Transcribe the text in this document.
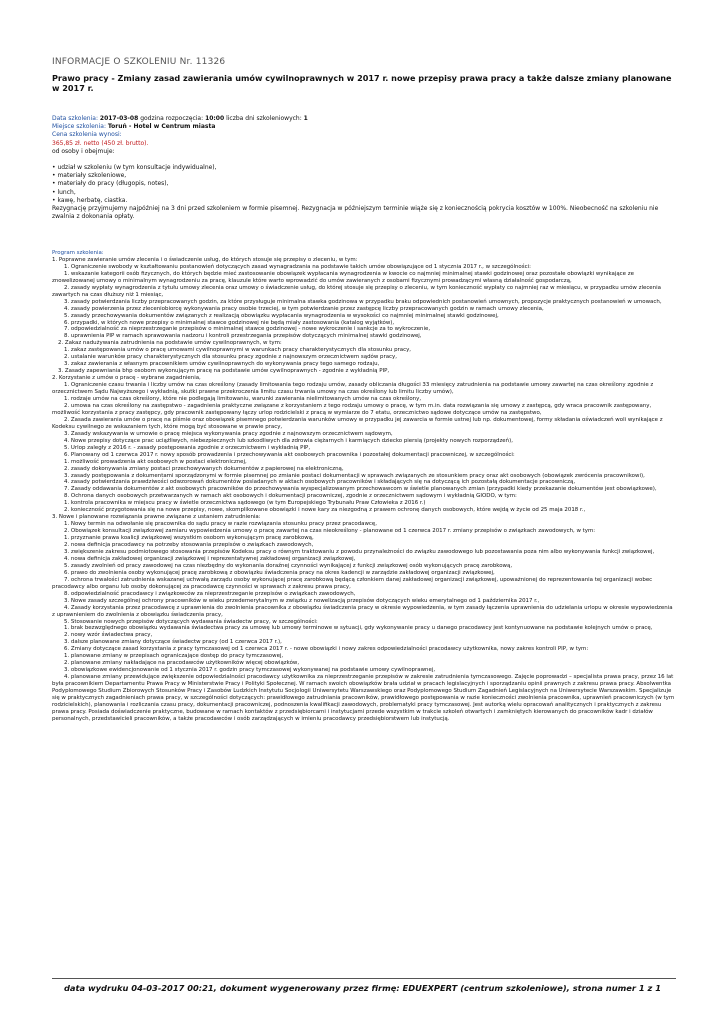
INFORMACJE O SZKOLENIU Nr. 11326
Prawo pracy - Zmiany zasad zawierania umów cywilnoprawnych w 2017 r. nowe przepisy prawa pracy a także dalsze zmiany planowane w 2017 r.
Data szkolenia: 2017-03-08 godzina rozpoczęcia: 10:00 liczba dni szkoleniowych: 1
Miejsce szkolenia: Toruń - Hotel w Centrum miasta
Cena szkolenia wynosi:
365,85 zł. netto (450 zł. brutto).
od osoby i obejmuje:
• udział w szkoleniu (w tym konsultacje indywidualne),
• materiały szkoleniowe,
• materiały do pracy (długopis, notes),
• lunch,
• kawę, herbatę, ciastka.
Rezygnację przyjmujemy najpóźniej na 3 dni przed szkoleniem w formie pisemnej. Rezygnacja w późniejszym terminie wiąże się z koniecznością pokrycia kosztów w 100%. Nieobecność na szkoleniu nie zwalnia z dokonania opłaty.

Program szkolenia:

1. Poprawne zawieranie umów zlecenia i o świadczenie usług, do których stosuje się przepisy o zleceniu, w tym:

1. Ograniczenie swobody w kształtowaniu postanowień dotyczących zasad wynagradzania na podstawie takich umów obowiązujące od 1 stycznia 2017 r., w szczególności:

1. wskazanie kategorii osób fizycznych, do których będzie mieć zastosowanie obowiązek wypłacania wynagrodzenia w kwocie co najmniej minimalnej stawki godzinowej oraz pozostałe obowiązki wynikające ze znowelizowanej umowy o minimalnym wynagrodzeniu za pracę, klauzule które warto wprowadzić do umów zawieranych z osobami fizycznymi prowadzącymi własną działalność gospodarczą,

2. zasady wypłaty wynagrodzenia z tytułu umowy zlecenia oraz umowy o świadczenie usług, do której stosuje się przepisy o zleceniu, w tym konieczność wypłaty co najmniej raz w miesiącu, w przypadku umów zlecenia zawartych na czas dłuższy niż 1 miesiąc,

3. zasady potwierdzania liczby przepracowanych godzin, za które przysługuje minimalna stawka godzinowa w przypadku braku odpowiednich postanowień umownych, propozycje praktycznych postanowień w umowach,

4. zasady powierzenia przez zleceniobiorcę wykonywania pracy osobie trzeciej, w tym potwierdzanie przez zastępcę liczby przepracowanych godzin w ramach umowy zlecenia,

5. zasady przechowywania dokumentów związanych z realizacją obowiązku wypłacania wynagrodzenia w wysokości co najmniej minimalnej stawki godzinowej,

6. przypadki, w których nowe przepisy o minimalnej stawce godzinowej nie będą miały zastosowania (katalog wyjątków),

7. odpowiedzialność za nieprzestrzeganie przepisów o minimalnej stawce godzinowej - nowe wykroczenie i sankcje za to wykroczenie,

8. uprawnienia PIP w ramach sprawowania nadzoru i kontroli przestrzegania przepisów dotyczących minimalnej stawki godzinowej,

2. Zakaz nadużywania zatrudnienia na podstawie umów cywilnoprawnych, w tym:

1. zakaz zastępowania umów o pracę umowami cywilnoprawnymi w warunkach pracy charakterystycznych dla stosunku pracy,

2. ustalanie warunków pracy charakterystycznych dla stosunku pracy zgodnie z najnowszym orzecznictwem sądów pracy,

3. zakaz zawierania z własnym pracownikiem umów cywilnoprawnych do wykonywania pracy tego samego rodzaju,

3. Zasady zapewniania bhp osobom wykonującym pracę na podstawie umów cywilnoprawnych - zgodnie z wykładnią PIP,

2. Korzystanie z umów o pracę - wybrane zagadnienia,

1. Ograniczenie czasu trwania i liczby umów na czas określony (zasady limitowania tego rodzaju umów, zasady obliczania długości 33 miesięcy zatrudnienia na podstawie umowy zawartej na czas określony zgodnie z orzecznictwem Sądu Najwyższego i wykładnią, skutki prawne przekroczenia limitu czasu trwania umowy na czas określony lub limitu liczby umów),

1. rodzaje umów na czas określony, które nie podlegają limitowaniu, warunki zawierania nielimitowanych umów na czas określony,

2. umowa na czas określony na zastępstwo - zagadnienia praktyczne związane z korzystaniem z tego rodzaju umowy o pracę, w tym m.in. data rozwiązania się umowy z zastępcą, gdy wraca pracownik zastępowany, możliwość korzystania z pracy zastępcy, gdy pracownik zastępowany łączy urlop rodzicielski z pracą w wymiarze do 7 etatu, orzecznictwo sądowe dotyczące umów na zastępstwo,

2. Zasada zawierania umów o pracę na piśmie oraz obowiązek pisemnego potwierdzania warunków umowy w przypadku jej zawarcia w formie ustnej lub np. dokumentowej, formy składania oświadczeń woli wynikające z Kodeksu cywilnego ze wskazaniem tych, które mogą być stosowane w prawie pracy,

3. Zasady wskazywania w umowie o pracę miejsca wykonywania pracy zgodnie z najnowszym orzecznictwem sądowym,

4. Nowe przepisy dotyczące prac uciążliwych, niebezpiecznych lub szkodliwych dla zdrowia ciężarnych i karmiących dziecko piersią (projekty nowych rozporządzeń),

5. Urlop zaległy z 2016 r. - zasady postępowania zgodnie z orzecznictwem i wykładnią PIP,

6. Planowany od 1 czerwca 2017 r. nowy sposób prowadzenia i przechowywania akt osobowych pracownika i pozostałej dokumentacji pracowniczej, w szczególności:

1. możliwość prowadzenia akt osobowych w postaci elektronicznej,

2. zasady dokonywania zmiany postaci przechowywanych dokumentów z papierowej na elektroniczną,

3. zasady postępowania z dokumentami sporządzonymi w formie pisemnej po zmianie postaci dokumentacji w sprawach związanych ze stosunkiem pracy oraz akt osobowych (obowiązek zwrócenia pracownikowi),

4. zasady potwierdzania prawdziwości odwzorowań dokumentów posiadanych w aktach osobowych pracowników i składających się na dotyczącą ich pozostałą dokumentacje pracowniczą,

7. Zasady oddawania dokumentów z akt osobowych pracowników do przechowywania wyspecjalizowanym przechowawcom w świetle planowanych zmian (przypadki kiedy przekazanie dokumentów jest obowiązkowe),

8. Ochrona danych osobowych przetwarzanych w ramach akt osobowych i dokumentacji pracowniczej, zgodnie z orzecznictwem sądowym i wykładnią GIODO, w tym:

1. kontrola pracownika w miejscu pracy w świetle orzecznictwa sądowego (w tym Europejskiego Trybunału Praw Człowieka z 2016 r.)

2. konieczność przygotowania się na nowe przepisy, nowe, skomplikowane obowiązki i nowe kary za niezgodną z prawem ochronę danych osobowych, które wejdą w życie od 25 maja 2018 r.,

3. Nowe i planowane rozwiązania prawne związane z ustaniem zatrudnienia:

1. Nowy termin na odwołanie się pracownika do sądu pracy w razie rozwiązania stosunku pracy przez pracodawcę,

2. Obowiązek konsultacji związkowej zamiaru wypowiedzenia umowy o pracę zawartej na czas nieokreślony - planowane od 1 czerwca 2017 r. zmiany przepisów o związkach zawodowych, w tym:

1. przyznanie prawa koalicji związkowej wszystkim osobom wykonującym pracę zarobkową,

2. nowa definicja pracodawcy na potrzeby stosowania przepisów o związkach zawodowych,

3. zwiększenie zakresu podmiotowego stosowania przepisów Kodeksu pracy o równym traktowaniu z powodu przynależności do związku zawodowego lub pozostawania poza nim albo wykonywania funkcji związkowej,

4. nowa definicja zakładowej organizacji związkowej i reprezentatywnej zakładowej organizacji związkowej,

5. zasady zwolnień od pracy zawodowej na czas niezbędny do wykonania doraźnej czynności wynikającej z funkcji związkowej osób wykonujących pracę zarobkową,

6. prawo do zwolnienia osoby wykonującej pracę zarobkową z obowiązku świadczenia pracy na okres kadencji w zarządzie zakładowej organizacji związkowej,

7. ochrona trwałości zatrudnienia wskazanej uchwałą zarządu osoby wykonującej pracę zarobkową będącą członkiem danej zakładowej organizacji związkowej, upoważnionej do reprezentowania tej organizacji wobec pracodawcy albo organu lub osoby dokonującej za pracodawcę czynności w sprawach z zakresu prawa pracy,

8. odpowiedzialność pracodawcy i związkowców za nieprzestrzeganie przepisów o związkach zawodowych,

3. Nowe zasady szczególnej ochrony pracowników w wieku przedemerytalnym w związku z nowelizacją przepisów dotyczących wieku emerytalnego od 1 października 2017 r.,

4. Zasady korzystania przez pracodawcę z uprawnienia do zwolnienia pracownika z obowiązku świadczenia pracy w okresie wypowiedzenia, w tym zasady łączenia uprawnienia do udzielania urlopu w okresie wypowiedzenia z uprawnieniem do zwolnienia z obowiązku świadczenia pracy,

5. Stosowanie nowych przepisów dotyczących wydawania świadectw pracy, w szczególności:

1. brak bezwzględnego obowiązku wydawania świadectwa pracy za umowę lub umowy terminowe w sytuacji, gdy wykonywanie pracy u danego pracodawcy jest kontynuowane na podstawie kolejnych umów o pracę,

2. nowy wzór świadectwa pracy,

3. dalsze planowane zmiany dotyczące świadectw pracy (od 1 czerwca 2017 r.),

6. Zmiany dotyczące zasad korzystania z pracy tymczasowej od 1 czerwca 2017 r. - nowe obowiązki i nowy zakres odpowiedzialności pracodawcy użytkownika, nowy zakres kontroli PIP, w tym:

1. planowane zmiany w przepisach ograniczające dostęp do pracy tymczasowej,

2. planowane zmiany nakładające na pracodawców użytkowników więcej obowiązków,

3. obowiązkowe ewidencjonowanie od 1 stycznia 2017 r. godzin pracy tymczasowej wykonywanej na podstawie umowy cywilnoprawnej,

4. planowane zmiany przewidujące zwiększenie odpowiedzialności pracodawcy użytkownika za nieprzestrzeganie przepisów w zakresie zatrudnienia tymczasowego. Zajęcie poprowadzi – specjalista prawa pracy, przez 16 lat była pracownikiem Departamentu Prawa Pracy w Ministerstwie Pracy i Polityki Społecznej. W ramach swoich obowiązków brała udział w pracach legislacyjnych i sporządzaniu opinii prawnych z zakresu prawa pracy. Absolwentka Podyplomowego Studium Zbiorowych Stosunków Pracy i Zasobów Ludzkich Instytutu Socjologii Uniwersytetu Warszawskiego oraz Podyplomowego Studium Zagadnień Legislacyjnych na Uniwersytecie Warszawskim. Specjalizuje się w praktycznych zagadnieniach prawa pracy, w szczególności dotyczących: prawidłowego zatrudniania pracowników, prawidłowego postępowania w razie konieczności zwolnienia pracownika, uprawnień pracowniczych (w tym rodzicielskich), planowania i rozliczania czasu pracy, dokumentacji pracowniczej, podnoszenia kwalifikacji zawodowych, problematyki pracy tymczasowej. Jest autorką wielu opracowań analitycznych i praktycznych z zakresu prawa pracy. Posiada doświadczenie praktyczne, budowane w ramach kontaktów z przedsiębiorcami i instytucjami przede wszystkim w trakcie szkoleń otwartych i zamkniętych kierowanych do pracowników kadr i działów personalnych, przedstawicieli pracowników, a także pracodawców i osób zarządzających w imieniu pracodawcy przedsiębiorstwem lub instytucją.

data wydruku 04-03-2017 00:21, dokument wygenerowany przez firmę: EDUEXPERT (centrum szkoleniowe), strona numer 1 z 1
